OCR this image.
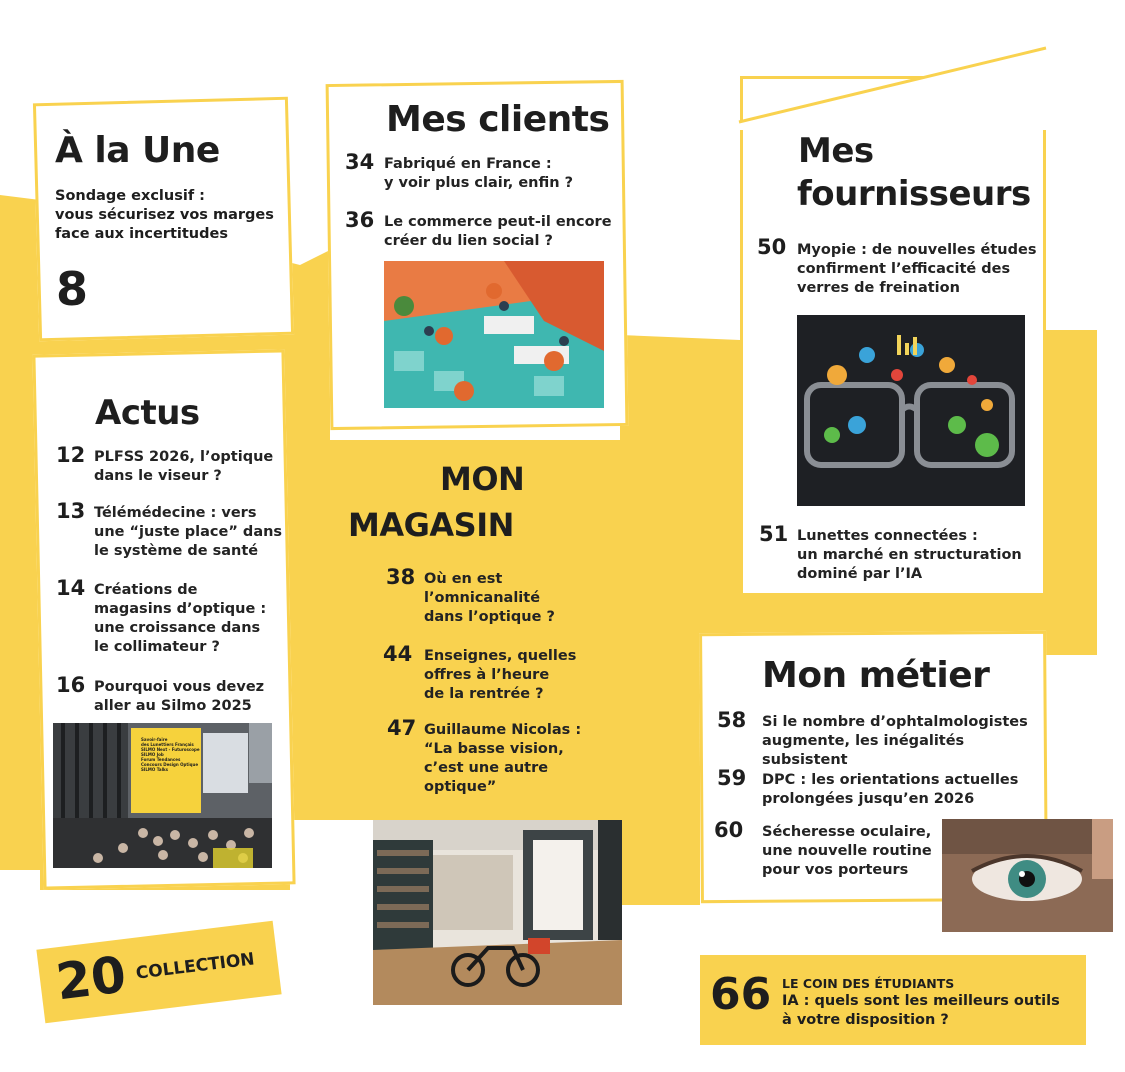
À la Une
Sondage exclusif :
vous sécurisez vos marges
face aux incertitudes
8
Actus
12 PLFSS 2026, l’optique
dans le viseur ?
13 Télémédecine : vers
une “juste place” dans
le système de santé
14 Créations de
magasins d’optique :
une croissance dans
le collimateur ?
16 Pourquoi vous devez
aller au Silmo 2025
Savoir-faire
des Lunettiers Français
SILMO Next - Futuroscope
SILMO Job
Forum Tendances
Concours Design Optique
SILMO Talks
Mes clients
34 Fabriqué en France :
y voir plus clair, enfin ?
36 Le commerce peut-il encore
créer du lien social ?
MON
MAGASIN
38 Où en est
l’omnicanalité
dans l’optique ?
44 Enseignes, quelles
offres à l’heure
de la rentrée ?
47 Guillaume Nicolas :
“La basse vision,
c’est une autre
optique”
Mes
fournisseurs
50 Myopie : de nouvelles études
confirment l’efficacité des
verres de freination
51 Lunettes connectées :
un marché en structuration
dominé par l’IA
Mon métier
58 Si le nombre d’ophtalmologistes
augmente, les inégalités subsistent
59 DPC : les orientations actuelles
prolongées jusqu’en 2026
60 Sécheresse oculaire,
une nouvelle routine
pour vos porteurs
20 COLLECTION
66 LE COIN DES ÉTUDIANTS
IA : quels sont les meilleurs outils
à votre disposition ?
